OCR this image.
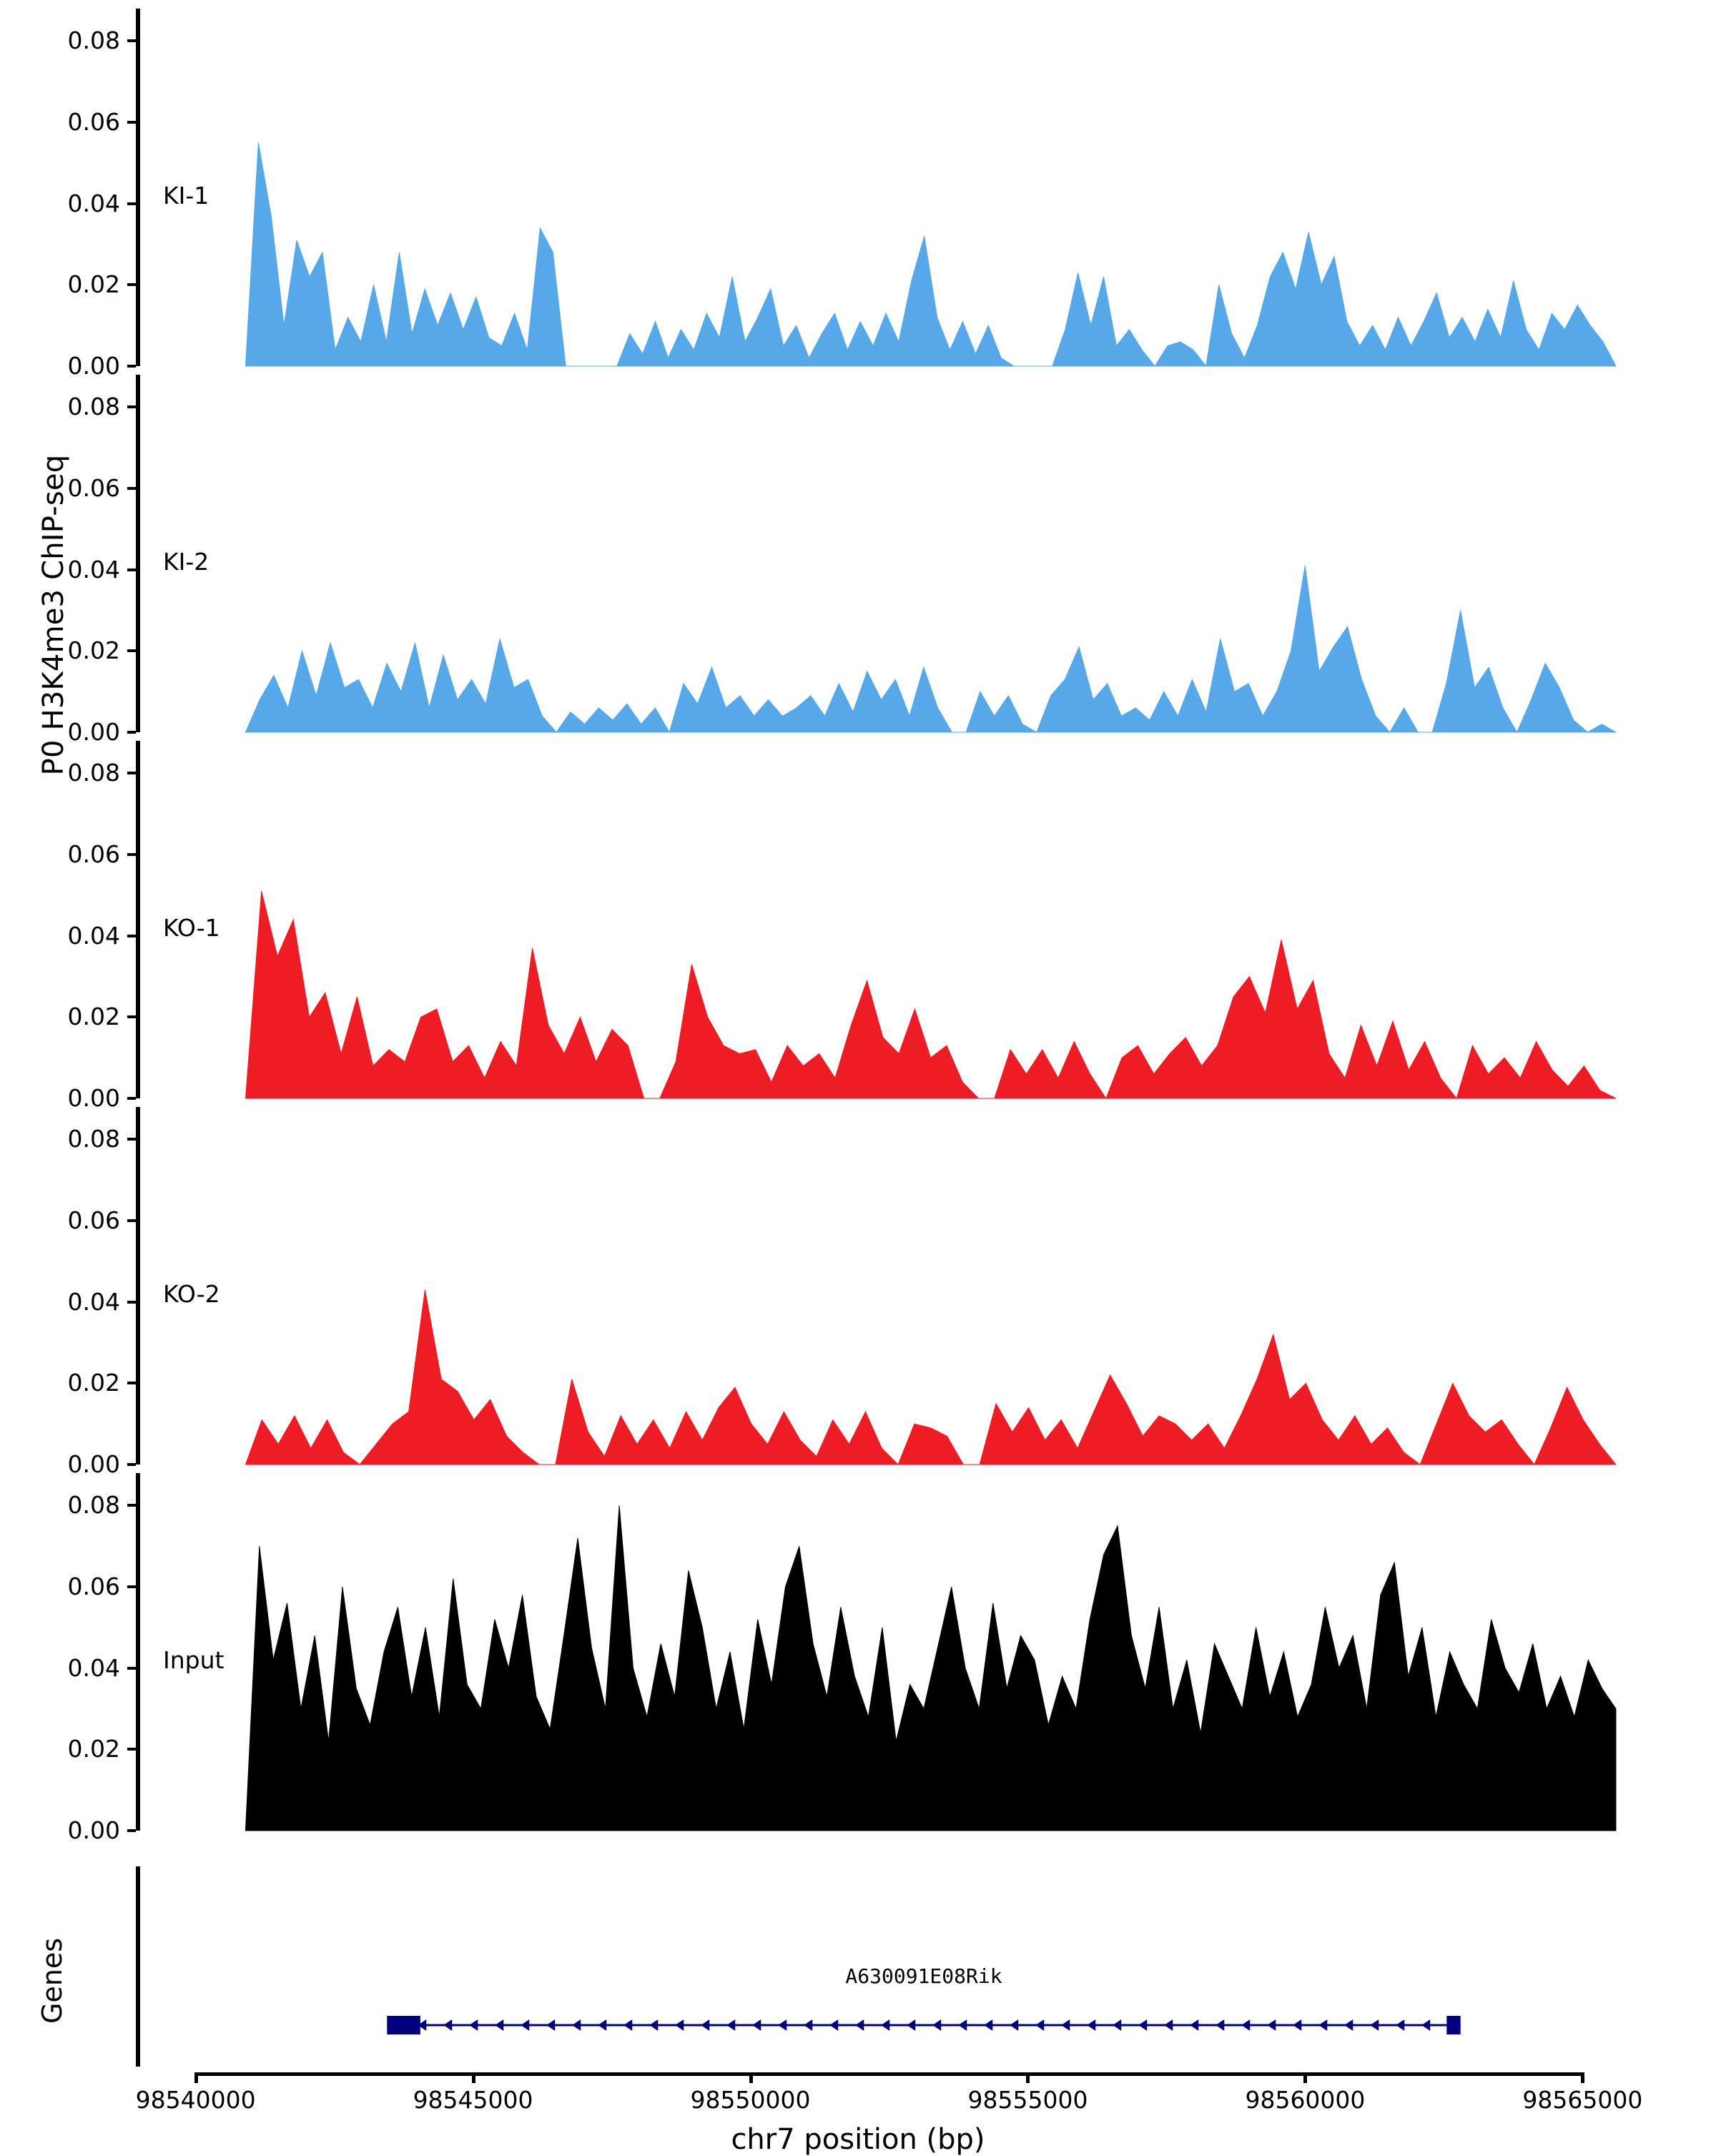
P0 H3K4me3 ChIP-seq
Genes
0.00
0.02
0.04
0.06
0.08
KI-1
0.00
0.02
0.04
0.06
0.08
KI-2
0.00
0.02
0.04
0.06
0.08
KO-1
0.00
0.02
0.04
0.06
0.08
KO-2
0.00
0.02
0.04
0.06
0.08
Input
A630091E08Rik
98540000	98545000	98550000	98555000	98560000	98565000
chr7 position (bp)
